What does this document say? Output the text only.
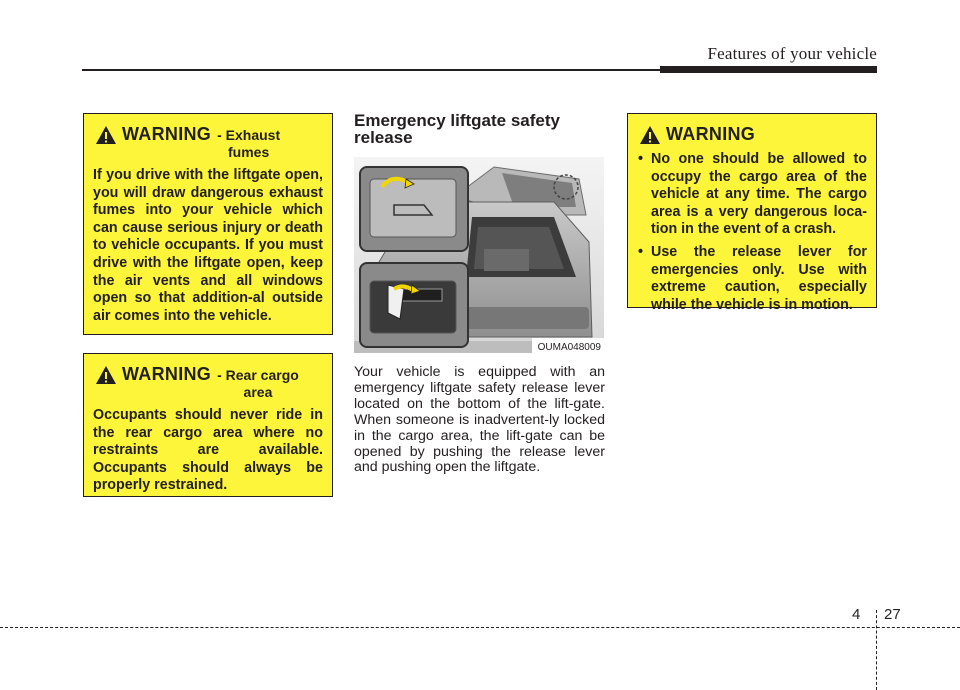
Features of your vehicle
WARNING - Exhaust
fumes
If you drive with the liftgate open, you will draw dangerous exhaust fumes into your vehicle which can cause serious injury or death to vehicle occupants. If you must drive with the liftgate open, keep the air vents and all windows open so that addition-al outside air comes into the vehicle.
WARNING - Rear cargo
area
Occupants should never ride in the rear cargo area where no restraints are available. Occupants should always be properly restrained.
Emergency liftgate safety release
OUMA048009
Your vehicle is equipped with an emergency liftgate safety release lever located on the bottom of the lift-gate. When someone is inadvertent-ly locked in the cargo area, the lift-gate can be opened by pushing the release lever and pushing open the liftgate.
WARNING
• No one should be allowed to occupy the cargo area of the vehicle at any time. The cargo area is a very dangerous loca-tion in the event of a crash.
• Use the release lever for emergencies only. Use with extreme caution, especially while the vehicle is in motion.
4 27
